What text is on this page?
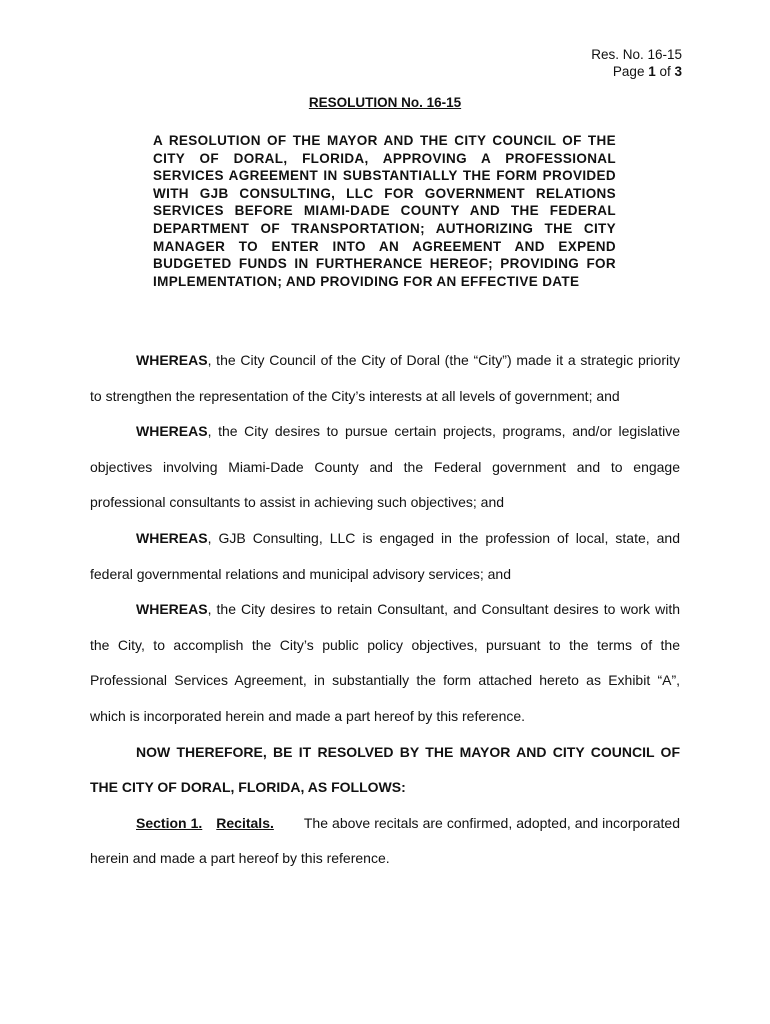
Res. No. 16-15
Page 1 of 3
RESOLUTION No. 16-15
A RESOLUTION OF THE MAYOR AND THE CITY COUNCIL OF THE CITY OF DORAL, FLORIDA, APPROVING A PROFESSIONAL SERVICES AGREEMENT IN SUBSTANTIALLY THE FORM PROVIDED WITH GJB CONSULTING, LLC FOR GOVERNMENT RELATIONS SERVICES BEFORE MIAMI-DADE COUNTY AND THE FEDERAL DEPARTMENT OF TRANSPORTATION; AUTHORIZING THE CITY MANAGER TO ENTER INTO AN AGREEMENT AND EXPEND BUDGETED FUNDS IN FURTHERANCE HEREOF; PROVIDING FOR IMPLEMENTATION; AND PROVIDING FOR AN EFFECTIVE DATE

WHEREAS, the City Council of the City of Doral (the “City”) made it a strategic priority to strengthen the representation of the City’s interests at all levels of government; and

WHEREAS, the City desires to pursue certain projects, programs, and/or legislative objectives involving Miami-Dade County and the Federal government and to engage professional consultants to assist in achieving such objectives; and

WHEREAS, GJB Consulting, LLC is engaged in the profession of local, state, and federal governmental relations and municipal advisory services; and

WHEREAS, the City desires to retain Consultant, and Consultant desires to work with the City, to accomplish the City’s public policy objectives, pursuant to the terms of the Professional Services Agreement, in substantially the form attached hereto as Exhibit “A”, which is incorporated herein and made a part hereof by this reference.

NOW THEREFORE, BE IT RESOLVED BY THE MAYOR AND CITY COUNCIL OF THE CITY OF DORAL, FLORIDA, AS FOLLOWS:

Section 1. Recitals. The above recitals are confirmed, adopted, and incorporated herein and made a part hereof by this reference.
